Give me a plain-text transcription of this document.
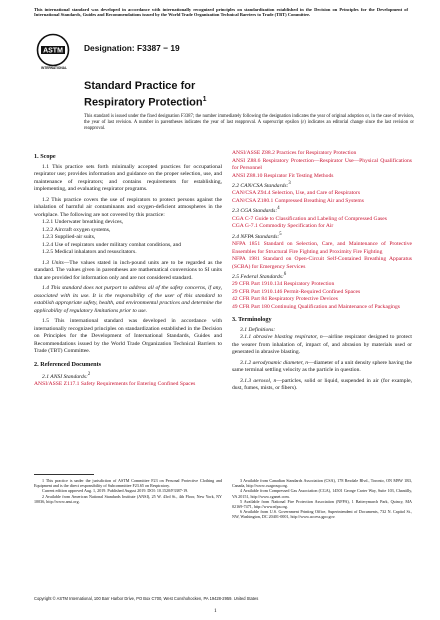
This international standard was developed in accordance with internationally recognized principles on standardization established in the Decision on Principles for the Development of International Standards, Guides and Recommendations issued by the World Trade Organization Technical Barriers to Trade (TBT) Committee.
ASTM
INTERNATIONAL
Designation: F3387 − 19
Standard Practice for
Respiratory Protection$^1$
This standard is issued under the fixed designation F3387; the number immediately following the designation indicates the year of original adoption or, in the case of revision, the year of last revision. A number in parentheses indicates the year of last reapproval. A superscript epsilon (ε) indicates an editorial change since the last revision or reapproval.

1. Scope

1.1 This practice sets forth minimally accepted practices for occupational respirator use; provides information and guidance on the proper selection, use, and maintenance of respirators; and contains requirements for establishing, implementing, and evaluating respirator programs.

1.2 This practice covers the use of respirators to protect persons against the inhalation of harmful air contaminants and oxygen-deficient atmospheres in the workplace. The following are not covered by this practice:

1.2.1 Underwater breathing devices,

1.2.2 Aircraft oxygen systems,

1.2.3 Supplied-air suits,

1.2.4 Use of respirators under military combat conditions, and

1.2.5 Medical inhalators and resuscitators.

1.3 Units—The values stated in inch-pound units are to be regarded as the standard. The values given in parentheses are mathematical conversions to SI units that are provided for information only and are not considered standard.

1.4 This standard does not purport to address all of the safety concerns, if any, associated with its use. It is the responsibility of the user of this standard to establish appropriate safety, health, and environmental practices and determine the applicability of regulatory limitations prior to use.

1.5 This international standard was developed in accordance with internationally recognized principles on standardization established in the Decision on Principles for the Development of International Standards, Guides and Recommendations issued by the World Trade Organization Technical Barriers to Trade (TBT) Committee.

2. Referenced Documents

2.1 ANSI Standards:$^2$

ANSI/ASSE Z117.1 Safety Requirements for Entering Confined Spaces

ANSI/ASSE Z88.2 Practices for Respiratory Protection

ANSI Z88.6 Respiratory Protection—Respirator Use—Physical Qualifications for Personnel

ANSI Z88.10 Respirator Fit Testing Methods

2.2 CAN/CSA Standards:$^3$

CAN/CSA Z94.4 Selection, Use, and Care of Respirators

CAN/CSA Z180.1 Compressed Breathing Air and Systems

2.3 CGA Standards:$^4$

CGA C-7 Guide to Classification and Labeling of Compressed Gases

CGA G-7.1 Commodity Specification for Air

2.4 NFPA Standards:$^5$

NFPA 1851 Standard on Selection, Care, and Maintenance of Protective Ensembles for Structural Fire Fighting and Proximity Fire Fighting

NFPA 1981 Standard on Open-Circuit Self-Contained Breathing Apparatus (SCBA) for Emergency Services

2.5 Federal Standards:$^6$

29 CFR Part 1910.134 Respiratory Protection

29 CFR Part 1910.146 Permit-Required Confined Spaces

42 CFR Part 84 Respiratory Protective Devices

49 CFR Part 180 Continuing Qualification and Maintenance of Packagings

3. Terminology

3.1 Definitions:

3.1.1 abrasive blasting respirator, n—airline respirator designed to protect the wearer from inhalation of, impact of, and abrasion by materials used or generated in abrasive blasting.

3.1.2 aerodynamic diameter, n—diameter of a unit density sphere having the same terminal settling velocity as the particle in question.

3.1.3 aerosol, n—particles, solid or liquid, suspended in air (for example, dust, fumes, mists, or fibers).

1 This practice is under the jurisdiction of ASTM Committee F23 on Personal Protective Clothing and Equipment and is the direct responsibility of Subcommittee F23.65 on Respiratory.

Current edition approved Aug. 1, 2019. Published August 2019. DOI: 10.1520/F3387-19.

2 Available from American National Standards Institute (ANSI), 25 W. 43rd St., 4th Floor, New York, NY 10036, http://www.ansi.org.

3 Available from Canadian Standards Association (CSA), 178 Rexdale Blvd., Toronto, ON M9W 1R3, Canada, http://www.csagroup.org.

4 Available from Compressed Gas Association (CGA), 14501 George Carter Way, Suite 103, Chantilly, VA 20151, http://www.cganet.com.

5 Available from National Fire Protection Association (NFPA), 1 Batterymarch Park, Quincy, MA 02169-7471, http://www.nfpa.org.

6 Available from U.S. Government Printing Office, Superintendent of Documents, 732 N. Capitol St., NW, Washington, DC 20401-0001, http://www.access.gpo.gov.

Copyright © ASTM International, 100 Barr Harbor Drive, PO Box C700, West Conshohocken, PA 19428-2959. United States
1
